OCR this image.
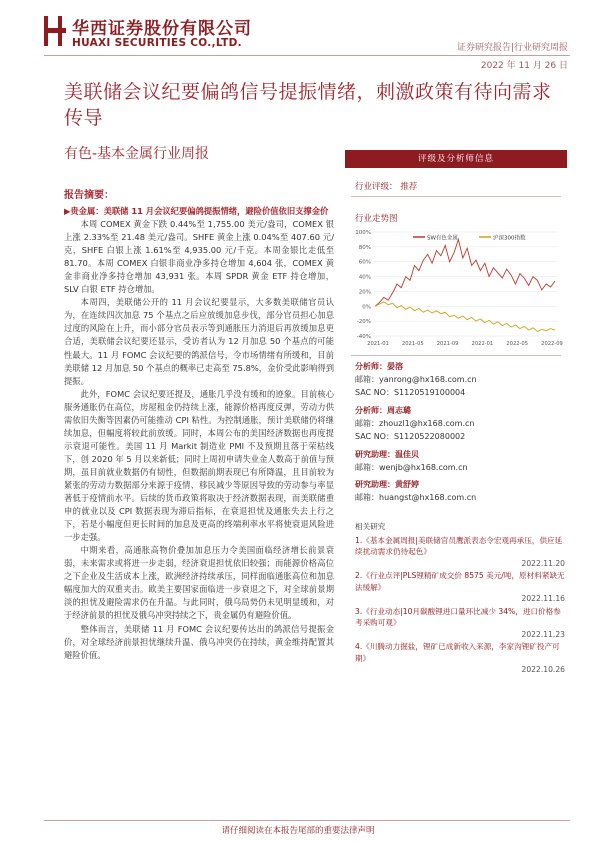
华西证券股份有限公司
HUAXI SECURITIES CO.,LTD.	证券研究报告|行业研究周报
2022 年 11 月 26 日
美联储会议纪要偏鸽信号提振情绪，刺激政策有待向需求传导
有色-基本金属行业周报	评级及分析师信息
行业评级： 推荐
行业走势图
100%
80%
60%
40%
20%
0%
-20%
-40%
2021-01	2021-05	2021-09	2022-01	2022-05	2022-09
SW有色金属	沪深300指数
分析师：晏溶
邮箱：yanrong@hx168.com.cn
SAC NO：S1120519100004
分析师：周志璐
邮箱：zhouzl1@hx168.com.cn
SAC NO：S1120522080002
研究助理：温佳贝
邮箱：wenjb@hx168.com.cn
研究助理：黄舒婷
邮箱：huangst@hx168.com.cn
相关研究
1.《基本金属周报|美联储官员鹰派表态令宏观再承压，供应延续扰动需求仍待起色》
2022.11.20
2.《行业点评|PLS锂精矿成交价 8575 美元/吨，原材料紧缺无法缓解》
2022.11.16
3.《行业动态|10月碳酸锂进口量环比减少 34%，进口价格参考采购可观》
2022.11.23
4.《川腾动力掘盐，锂矿已成新收入来源，李家沟锂矿投产可期》
2022.10.26
报告摘要：

▶贵金属：美联储 11 月会议纪要偏鸽提振情绪，避险价值依旧支撑金价

本周 COMEX 黄金下跌 0.44%至 1,755.00 美元/盎司，COMEX 银上涨 2.33%至 21.48 美元/盎司。SHFE 黄金上涨 0.04%至 407.60 元/克，SHFE 白银上涨 1.61%至 4,935.00 元/千克。本周金银比走低至 81.70。本周 COMEX 白银非商业净多持仓增加 4,604 张，COMEX 黄金非商业净多持仓增加 43,931 张。本周 SPDR 黄金 ETF 持仓增加，SLV 白银 ETF 持仓增加。

本周四，美联储公开的 11 月会议纪要显示，大多数美联储官员认为，在连续四次加息 75 个基点之后应放缓加息步伐，部分官员担心加息过度的风险在上升，而小部分官员表示等到通胀压力消退后再放缓加息更合适，美联储会议纪要还显示，受访者认为 12 月加息 50 个基点的可能性最大。11 月 FOMC 会议纪要的鸽派信号，令市场情绪有所缓和，目前美联储 12 月加息 50 个基点的概率已走高至 75.8%，金价受此影响得到提振。

此外，FOMC 会议纪要还提及，通胀几乎没有缓和的迹象。目前核心服务通胀仍在高位，房屋租金仍持续上涨，能源价格再度反弹，劳动力供需依旧失衡等因素仍可能推动 CPI 粘性。为控制通胀，预计美联储仍将继续加息，但幅度将较此前放缓。同时，本周公布的美国经济数据也再度提示衰退可能性。美国 11 月 Markit 制造业 PMI 不及预期且落于荣枯线下，创 2020 年 5 月以来新低；同时上周初申请失业金人数高于前值与预期，虽目前就业数据仍有韧性，但数据前期表现已有所降温，且目前较为紧张的劳动力数据部分来源于疫情、移民减少等原因导致的劳动参与率显著低于疫情前水平。后续的货币政策将取决于经济数据表现，而美联储重申的就业以及 CPI 数据表现为滞后指标，在衰退担忧及通胀失去上行之下，若是小幅度但更长时间的加息及更高的终端利率水平将使衰退风险进一步走强。

中期来看，高通胀高物价叠加加息压力令美国面临经济增长前景衰弱，未来需求或将进一步走弱，经济衰退担忧依旧较强；而能源价格高位之下企业及生活成本上涨，欧洲经济持续承压，同样面临通胀高位和加息幅度加大的双重夹击。欧美主要国家面临进一步衰退之下，对全球前景期淡的担忧及避险需求仍在升温。与此同时，俄乌局势仍未见明显缓和，对于经济前景的担忧及俄乌冲突持续之下，贵金属仍有避险价值。

整体而言，美联储 11 月 FOMC 会议纪要传达出的鸽派信号提振金价，对全球经济前景担忧继续升温、俄乌冲突仍在持续，黄金维持配置其避险价值。

请仔细阅读在本报告尾部的重要法律声明
